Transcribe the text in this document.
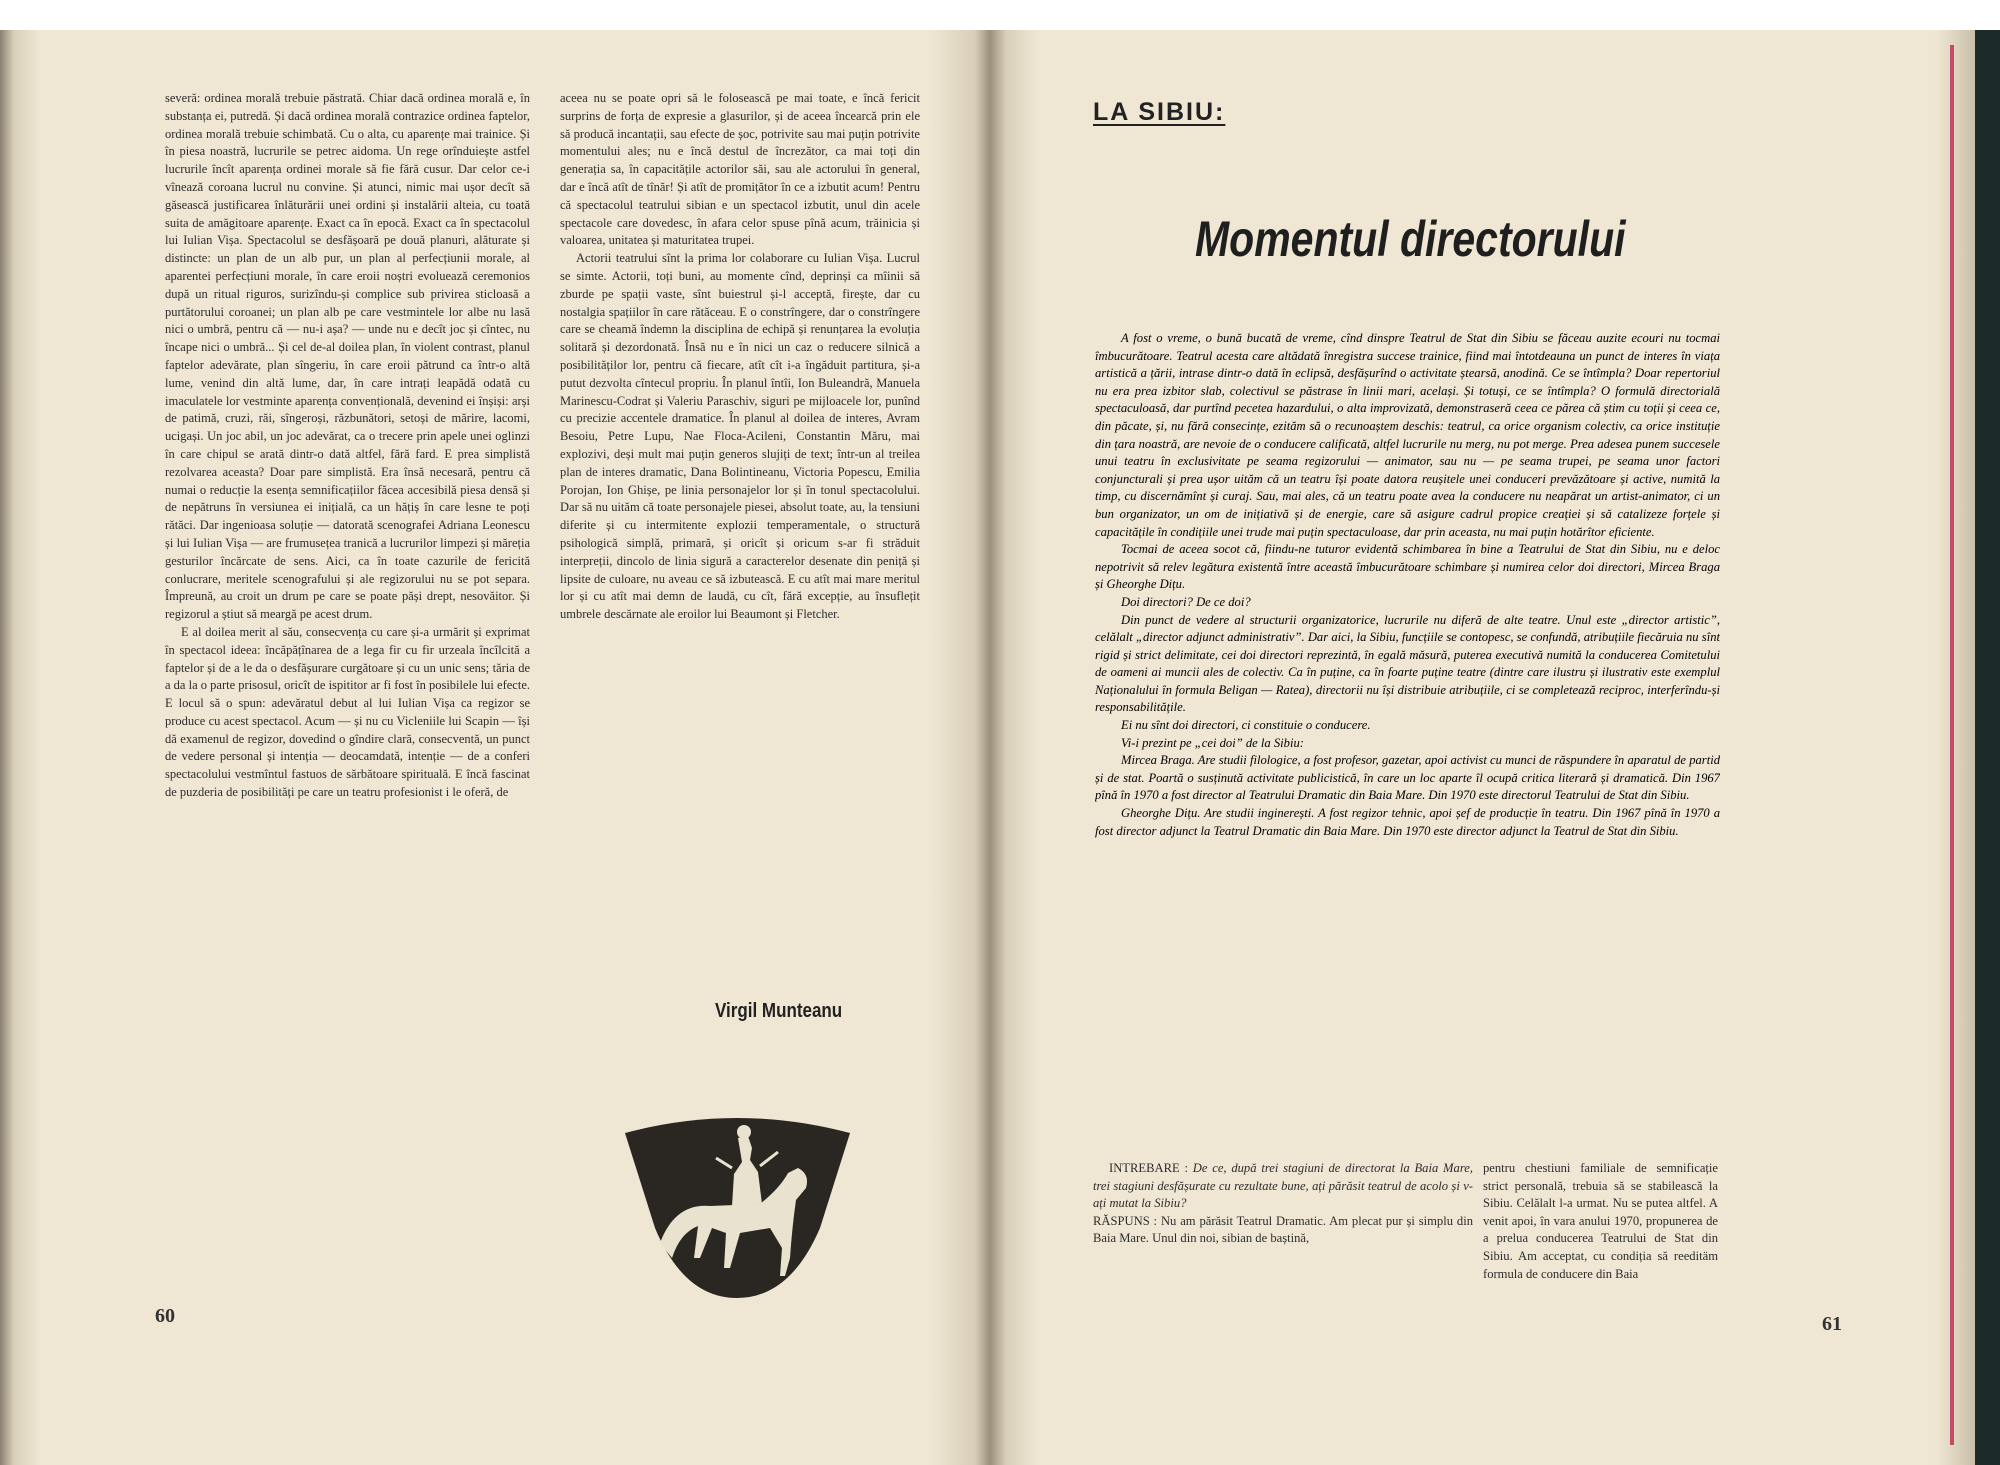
severă: ordinea morală trebuie păstrată. Chiar dacă ordinea morală e, în substanța ei, putredă. Și dacă ordinea morală contrazice ordinea faptelor, ordinea morală trebuie schimbată. Cu o alta, cu aparențe mai trainice. Și în piesa noastră, lucrurile se petrec aidoma. Un rege orînduiește astfel lucrurile încît aparența ordinei morale să fie fără cusur. Dar celor ce-i vînează coroana lucrul nu convine. Și atunci, nimic mai ușor decît să găsească justificarea înlăturării unei ordini și instalării alteia, cu toată suita de amăgitoare aparențe. Exact ca în epocă. Exact ca în spectacolul lui Iulian Vișa. Spectacolul se desfășoară pe două planuri, alăturate și distincte: un plan de un alb pur, un plan al perfecțiunii morale, al aparentei perfecțiuni morale, în care eroii noștri evoluează ceremonios după un ritual riguros, surizîndu-și complice sub privirea sticloasă a purtătorului coroanei; un plan alb pe care vestmintele lor albe nu lasă nici o umbră, pentru că — nu-i așa? — unde nu e decît joc și cîntec, nu încape nici o umbră... Și cel de-al doilea plan, în violent contrast, planul faptelor adevărate, plan sîngeriu, în care eroii pătrund ca într-o altă lume, venind din altă lume, dar, în care intrați leapădă odată cu imaculatele lor vestminte aparența convențională, devenind ei înșiși: arși de patimă, cruzi, răi, sîngeroși, răzbunători, setoși de mărire, lacomi, ucigași. Un joc abil, un joc adevărat, ca o trecere prin apele unei oglinzi în care chipul se arată dintr-o dată altfel, fără fard. E prea simplistă rezolvarea aceasta? Doar pare simplistă. Era însă necesară, pentru că numai o reducție la esența semnificațiilor făcea accesibilă piesa densă și de nepătruns în versiunea ei inițială, ca un hățiș în care lesne te poți rătăci. Dar ingenioasa soluție — datorată scenografei Adriana Leonescu și lui Iulian Vișa — are frumusețea tranică a lucrurilor limpezi și măreția gesturilor încărcate de sens. Aici, ca în toate cazurile de fericită conlucrare, meritele scenografului și ale regizorului nu se pot separa. Împreună, au croit un drum pe care se poate păși drept, nesovăitor. Și regizorul a știut să meargă pe acest drum.

E al doilea merit al său, consecvența cu care și-a urmărit și exprimat în spectacol ideea: încăpățînarea de a lega fir cu fir urzeala încîlcită a faptelor și de a le da o desfășurare curgătoare și cu un unic sens; tăria de a da la o parte prisosul, oricît de ispititor ar fi fost în posibilele lui efecte. E locul să o spun: adevăratul debut al lui Iulian Vișa ca regizor se produce cu acest spectacol. Acum — și nu cu Vicleniile lui Scapin — își dă examenul de regizor, dovedind o gîndire clară, consecventă, un punct de vedere personal și intenția — deocamdată, intenție — de a conferi spectacolului vestmîntul fastuos de sărbătoare spirituală. E încă fascinat de puzderia de posibilități pe care un teatru profesionist i le oferă, de

aceea nu se poate opri să le folosească pe mai toate, e încă fericit surprins de forța de expresie a glasurilor, și de aceea încearcă prin ele să producă incantații, sau efecte de șoc, potrivite sau mai puțin potrivite momentului ales; nu e încă destul de încrezător, ca mai toți din generația sa, în capacitățile actorilor săi, sau ale actorului în general, dar e încă atît de tînăr! Și atît de promițător în ce a izbutit acum! Pentru că spectacolul teatrului sibian e un spectacol izbutit, unul din acele spectacole care dovedesc, în afara celor spuse pînă acum, trăinicia și valoarea, unitatea și maturitatea trupei.

Actorii teatrului sînt la prima lor colaborare cu Iulian Vișa. Lucrul se simte. Actorii, toți buni, au momente cînd, deprinși ca mîinii să zburde pe spații vaste, sînt buiestrul și-l acceptă, firește, dar cu nostalgia spațiilor în care rătăceau. E o constrîngere, dar o constrîngere care se cheamă îndemn la disciplina de echipă și renunțarea la evoluția solitară și dezordonată. Însă nu e în nici un caz o reducere silnică a posibilităților lor, pentru că fiecare, atît cît i-a îngăduit partitura, și-a putut dezvolta cîntecul propriu. În planul întîi, Ion Buleandră, Manuela Marinescu-Codrat și Valeriu Paraschiv, siguri pe mijloacele lor, punînd cu precizie accentele dramatice. În planul al doilea de interes, Avram Besoiu, Petre Lupu, Nae Floca-Acileni, Constantin Măru, mai explozivi, deși mult mai puțin generos slujiți de text; într-un al treilea plan de interes dramatic, Dana Bolintineanu, Victoria Popescu, Emilia Porojan, Ion Ghișe, pe linia personajelor lor și în tonul spectacolului. Dar să nu uităm că toate personajele piesei, absolut toate, au, la tensiuni diferite și cu intermitente explozii temperamentale, o structură psihologică simplă, primară, și oricît și oricum s-ar fi străduit interpreții, dincolo de linia sigură a caracterelor desenate din peniță și lipsite de culoare, nu aveau ce să izbutească. E cu atît mai mare meritul lor și cu atît mai demn de laudă, cu cît, fără excepție, au însuflețit umbrele descărnate ale eroilor lui Beaumont și Fletcher.

Virgil Munteanu
60
LA SIBIU:
Momentul directorului

A fost o vreme, o bună bucată de vreme, cînd dinspre Teatrul de Stat din Sibiu se făceau auzite ecouri nu tocmai îmbucurătoare. Teatrul acesta care altădată înregistra succese trainice, fiind mai întotdeauna un punct de interes în viața artistică a țării, intrase dintr-o dată în eclipsă, desfășurînd o activitate ștearsă, anodină. Ce se întîmpla? Doar repertoriul nu era prea izbitor slab, colectivul se păstrase în linii mari, același. Și totuși, ce se întîmpla? O formulă directorială spectaculoasă, dar purtînd pecetea hazardului, o alta improvizată, demonstraseră ceea ce părea că știm cu toții și ceea ce, din păcate, și, nu fără consecințe, ezităm să o recunoaștem deschis: teatrul, ca orice organism colectiv, ca orice instituție din țara noastră, are nevoie de o conducere calificată, altfel lucrurile nu merg, nu pot merge. Prea adesea punem succesele unui teatru în exclusivitate pe seama regizorului — animator, sau nu — pe seama trupei, pe seama unor factori conjuncturali și prea ușor uităm că un teatru își poate datora reușitele unei conduceri prevăzătoare și active, numită la timp, cu discernămînt și curaj. Sau, mai ales, că un teatru poate avea la conducere nu neapărat un artist-animator, ci un bun organizator, un om de inițiativă și de energie, care să asigure cadrul propice creației și să catalizeze forțele și capacitățile în condițiile unei trude mai puțin spectaculoase, dar prin aceasta, nu mai puțin hotărîtor eficiente.

Tocmai de aceea socot că, fiindu-ne tuturor evidentă schimbarea în bine a Teatrului de Stat din Sibiu, nu e deloc nepotrivit să relev legătura existentă între această îmbucurătoare schimbare și numirea celor doi directori, Mircea Braga și Gheorghe Dițu.

Doi directori? De ce doi?

Din punct de vedere al structurii organizatorice, lucrurile nu diferă de alte teatre. Unul este „director artistic”, celălalt „director adjunct administrativ”. Dar aici, la Sibiu, funcțiile se contopesc, se confundă, atribuțiile fiecăruia nu sînt rigid și strict delimitate, cei doi directori reprezintă, în egală măsură, puterea executivă numită la conducerea Comitetului de oameni ai muncii ales de colectiv. Ca în puține, ca în foarte puține teatre (dintre care ilustru și ilustrativ este exemplul Naționalului în formula Beligan — Ratea), directorii nu își distribuie atribuțiile, ci se completează reciproc, interferîndu-și responsabilitățile.

Ei nu sînt doi directori, ci constituie o conducere.

Vi-i prezint pe „cei doi” de la Sibiu:

Mircea Braga. Are studii filologice, a fost profesor, gazetar, apoi activist cu munci de răspundere în aparatul de partid și de stat. Poartă o susținută activitate publicistică, în care un loc aparte îl ocupă critica literară și dramatică. Din 1967 pînă în 1970 a fost director al Teatrului Dramatic din Baia Mare. Din 1970 este directorul Teatrului de Stat din Sibiu.

Gheorghe Dițu. Are studii inginerești. A fost regizor tehnic, apoi șef de producție în teatru. Din 1967 pînă în 1970 a fost director adjunct la Teatrul Dramatic din Baia Mare. Din 1970 este director adjunct la Teatrul de Stat din Sibiu.

INTREBARE : De ce, după trei stagiuni de directorat la Baia Mare, trei stagiuni desfășurate cu rezultate bune, ați părăsit teatrul de acolo și v-ați mutat la Sibiu?

RĂSPUNS : Nu am părăsit Teatrul Dramatic. Am plecat pur și simplu din Baia Mare. Unul din noi, sibian de baștină,

pentru chestiuni familiale de semnificație strict personală, trebuia să se stabilească la Sibiu. Celălalt l-a urmat. Nu se putea altfel. A venit apoi, în vara anului 1970, propunerea de a prelua conducerea Teatrului de Stat din Sibiu. Am acceptat, cu condiția să reeditäm formula de conducere din Baia

61
